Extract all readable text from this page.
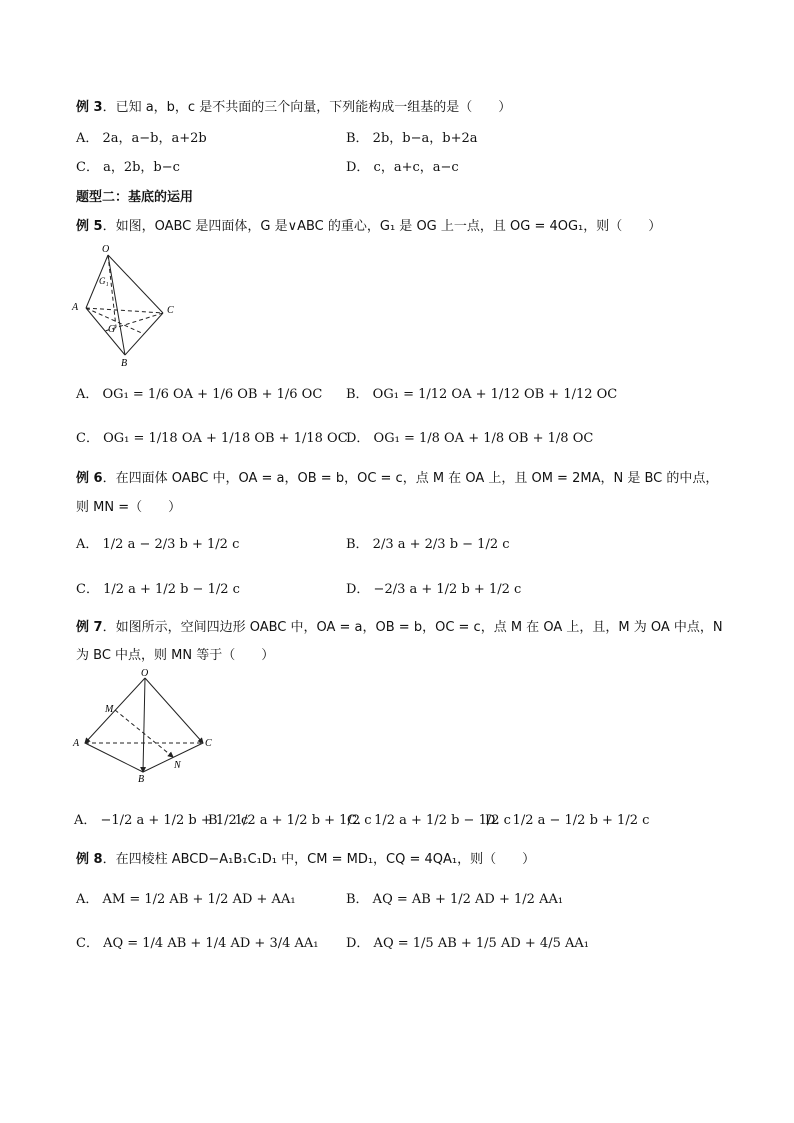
例 3．已知 a，b，c 是不共面的三个向量，下列能构成一组基的是（　　）
A． 2a，a−b，a+2b	B． 2b，b−a，b+2a
C． a，2b，b−c	D． c，a+c，a−c
题型二：基底的运用
例 5．如图，OABC 是四面体，G 是∨ABC 的重心，G₁ 是 OG 上一点，且 OG = 4OG₁，则（　　）
O
G₁
A	C
G
B
A． OG₁ = 1/6 OA + 1/6 OB + 1/6 OC B． OG₁ = 1/12 OA + 1/12 OB + 1/12 OC
C． OG₁ = 1/18 OA + 1/18 OB + 1/18 OC
D． OG₁ = 1/8 OA + 1/8 OB + 1/8 OC
例 6．在四面体 OABC 中，OA = a，OB = b，OC = c，点 M 在 OA 上，且 OM = 2MA，N 是 BC 的中点，
则 MN =（　　）
A． 1/2 a − 2/3 b + 1/2 c	B． 2/3 a + 2/3 b − 1/2 c
C． 1/2 a + 1/2 b − 1/2 c	D． −2/3 a + 1/2 b + 1/2 c
例 7．如图所示，空间四边形 OABC 中，OA = a，OB = b，OC = c，点 M 在 OA 上，且，M 为 OA 中点，N
为 BC 中点，则 MN 等于（　　）
O
M
A	C
N
B
A． −1/2 a + 1/2 b + 1/2 c
B． 1/2 a + 1/2 b + 1/2 c
C． 1/2 a + 1/2 b − 1/2 c
D． 1/2 a − 1/2 b + 1/2 c
例 8．在四棱柱 ABCD−A₁B₁C₁D₁ 中，CM = MD₁，CQ = 4QA₁，则（　　）
A． AM = 1/2 AB + 1/2 AD + AA₁	B． AQ = AB + 1/2 AD + 1/2 AA₁
C． AQ = 1/4 AB + 1/4 AD + 3/4 AA₁ D． AQ = 1/5 AB + 1/5 AD + 4/5 AA₁
